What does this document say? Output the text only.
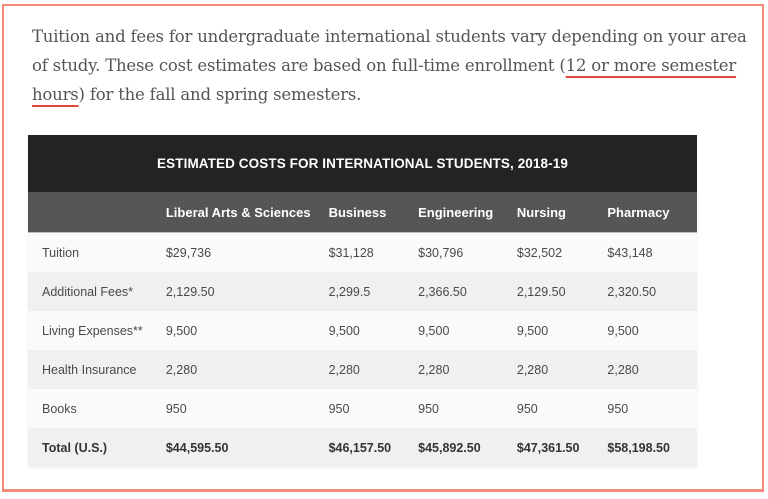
Tuition and fees for undergraduate international students vary depending on your area of study. These cost estimates are based on full-time enrollment (12 or more semester hours) for the fall and spring semesters.

ESTIMATED COSTS FOR INTERNATIONAL STUDENTS, 2018-19					
	Liberal Arts & Sciences	Business	Engineering	Nursing	Pharmacy
Tuition	$29,736	$31,128	$30,796	$32,502	$43,148
Additional Fees*	2,129.50	2,299.5	2,366.50	2,129.50	2,320.50
Living Expenses**	9,500	9,500	9,500	9,500	9,500
Health Insurance	2,280	2,280	2,280	2,280	2,280
Books	950	950	950	950	950
Total (U.S.)	$44,595.50	$46,157.50	$45,892.50	$47,361.50	$58,198.50
